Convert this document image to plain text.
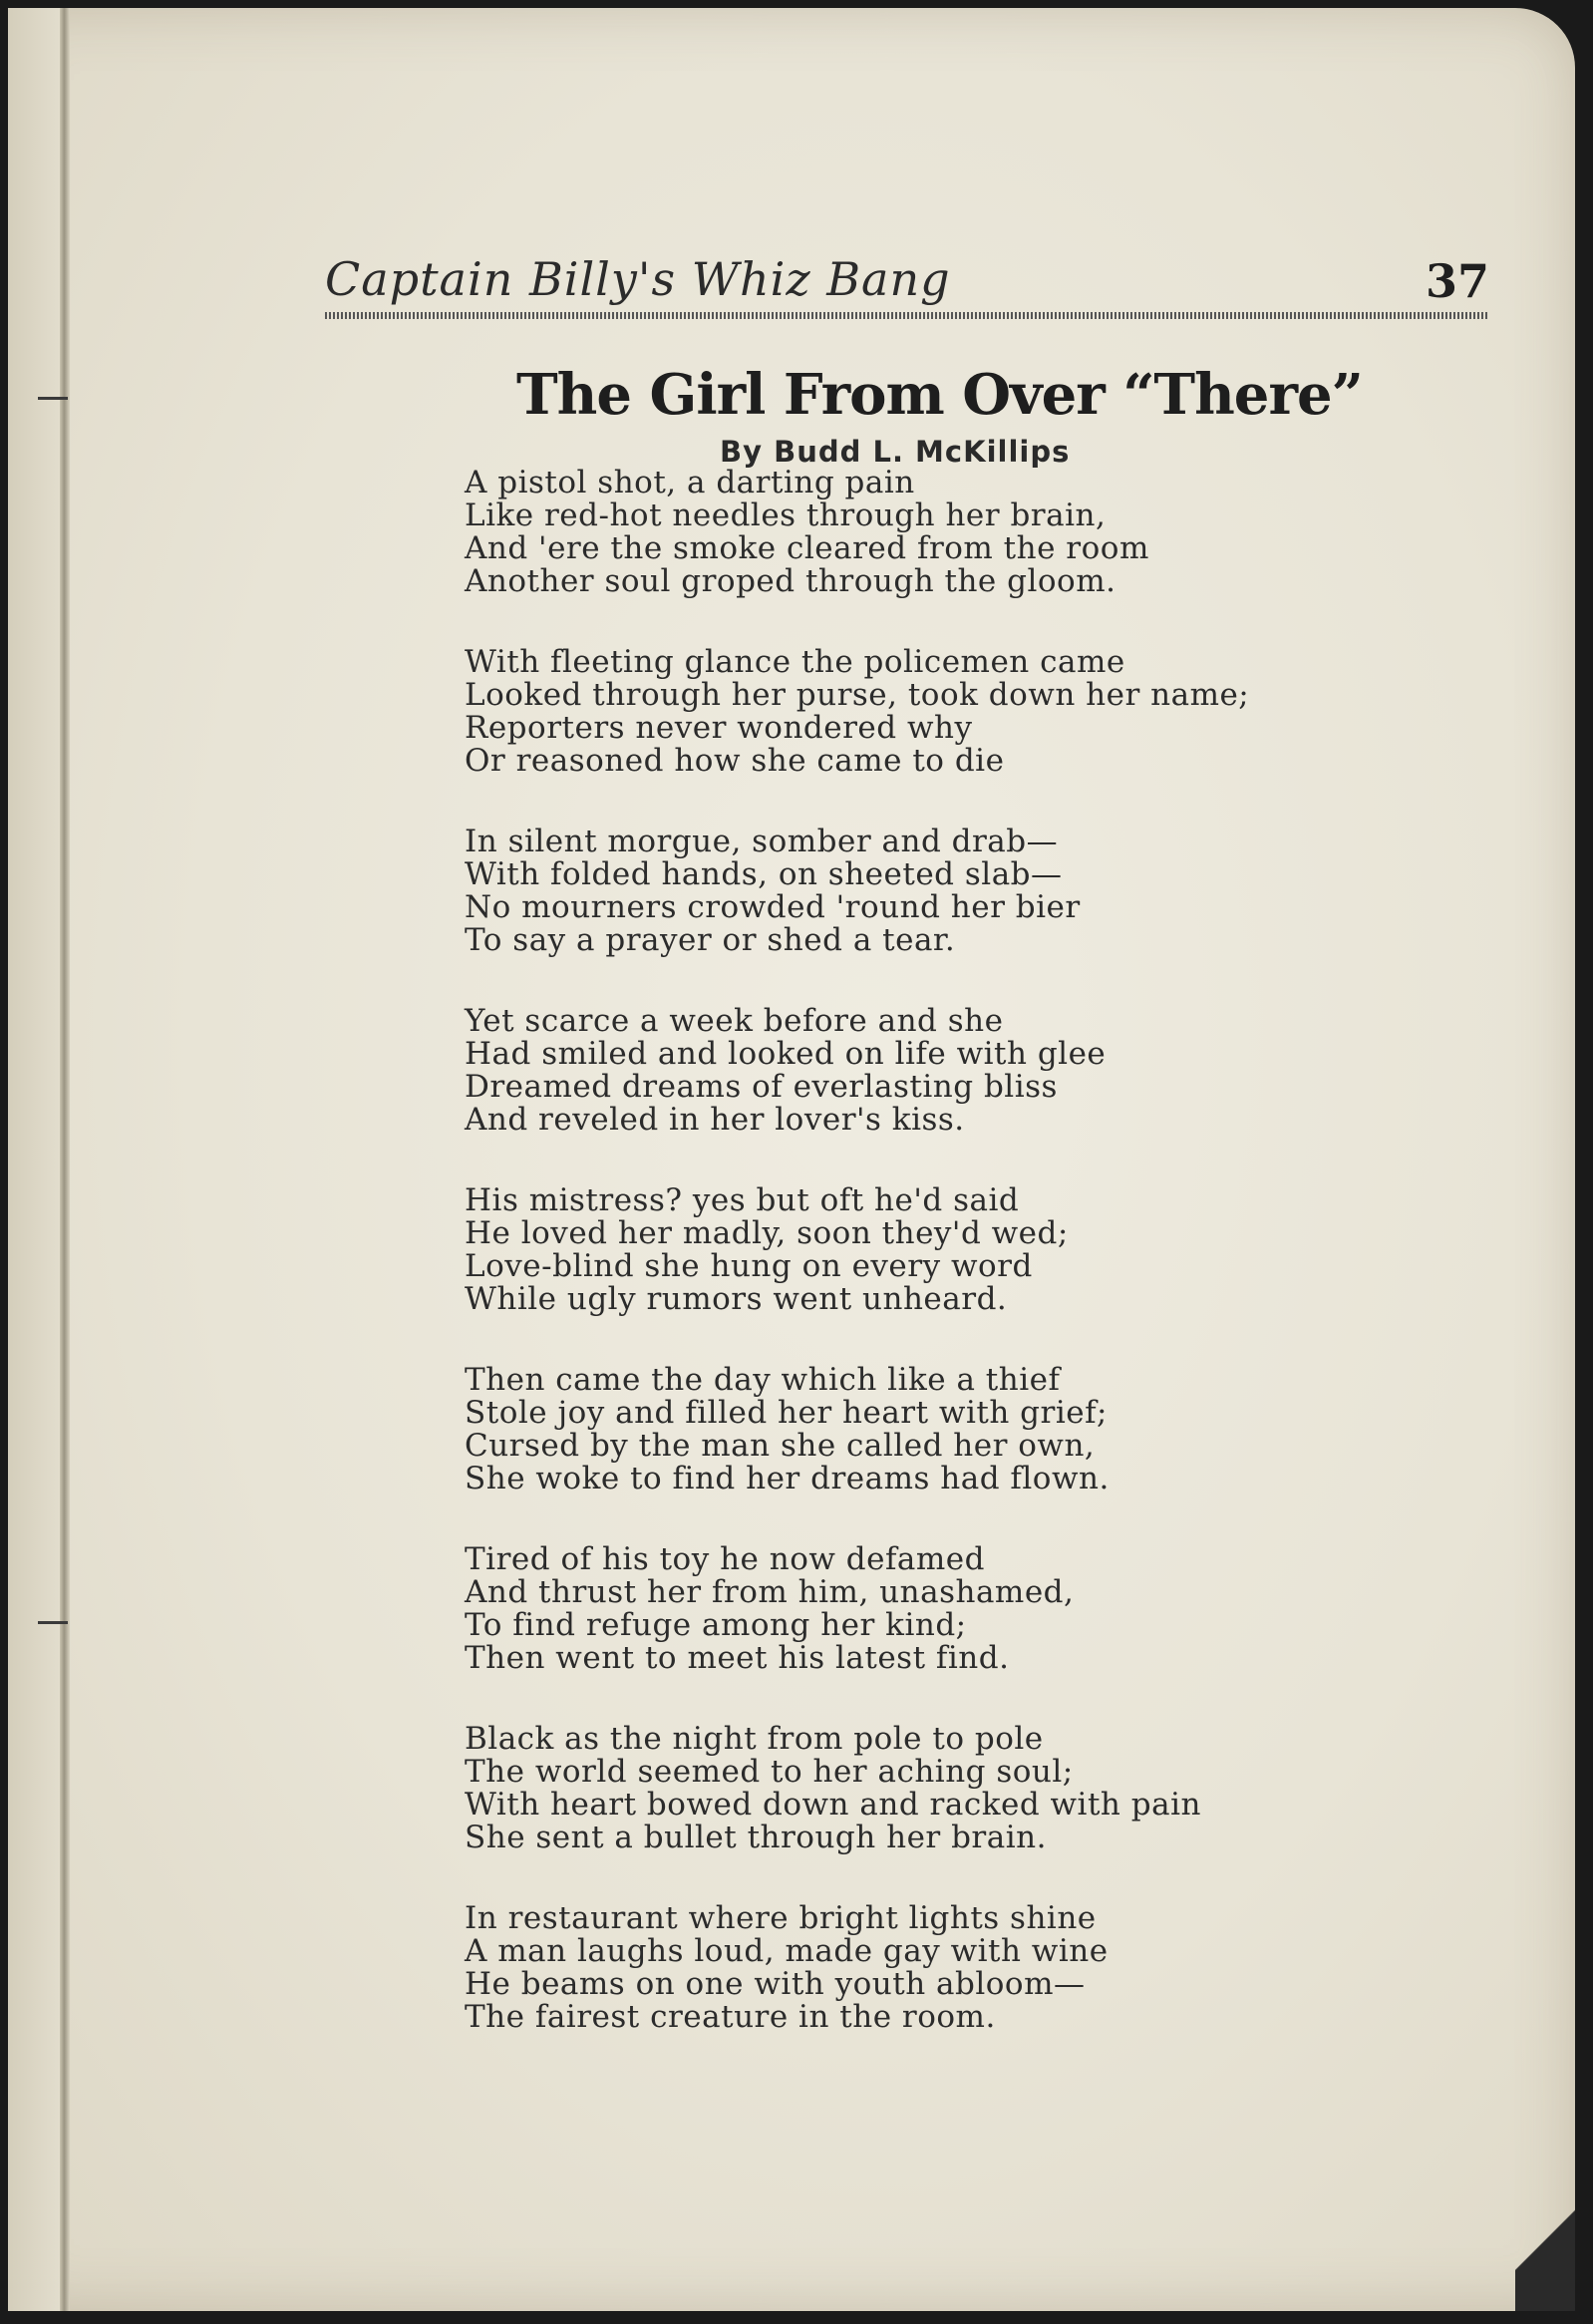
Captain Billy's Whiz Bang	37
The Girl From Over “There”
By Budd L. McKillips
A pistol shot, a darting pain
Like red-hot needles through her brain,
And 'ere the smoke cleared from the room
Another soul groped through the gloom.
With fleeting glance the policemen came
Looked through her purse, took down her name;
Reporters never wondered why
Or reasoned how she came to die
In silent morgue, somber and drab—
With folded hands, on sheeted slab—
No mourners crowded 'round her bier
To say a prayer or shed a tear.
Yet scarce a week before and she
Had smiled and looked on life with glee
Dreamed dreams of everlasting bliss
And reveled in her lover's kiss.
His mistress? yes but oft he'd said
He loved her madly, soon they'd wed;
Love-blind she hung on every word
While ugly rumors went unheard.
Then came the day which like a thief
Stole joy and filled her heart with grief;
Cursed by the man she called her own,
She woke to find her dreams had flown.
Tired of his toy he now defamed
And thrust her from him, unashamed,
To find refuge among her kind;
Then went to meet his latest find.
Black as the night from pole to pole
The world seemed to her aching soul;
With heart bowed down and racked with pain
She sent a bullet through her brain.
In restaurant where bright lights shine
A man laughs loud, made gay with wine
He beams on one with youth abloom—
The fairest creature in the room.
